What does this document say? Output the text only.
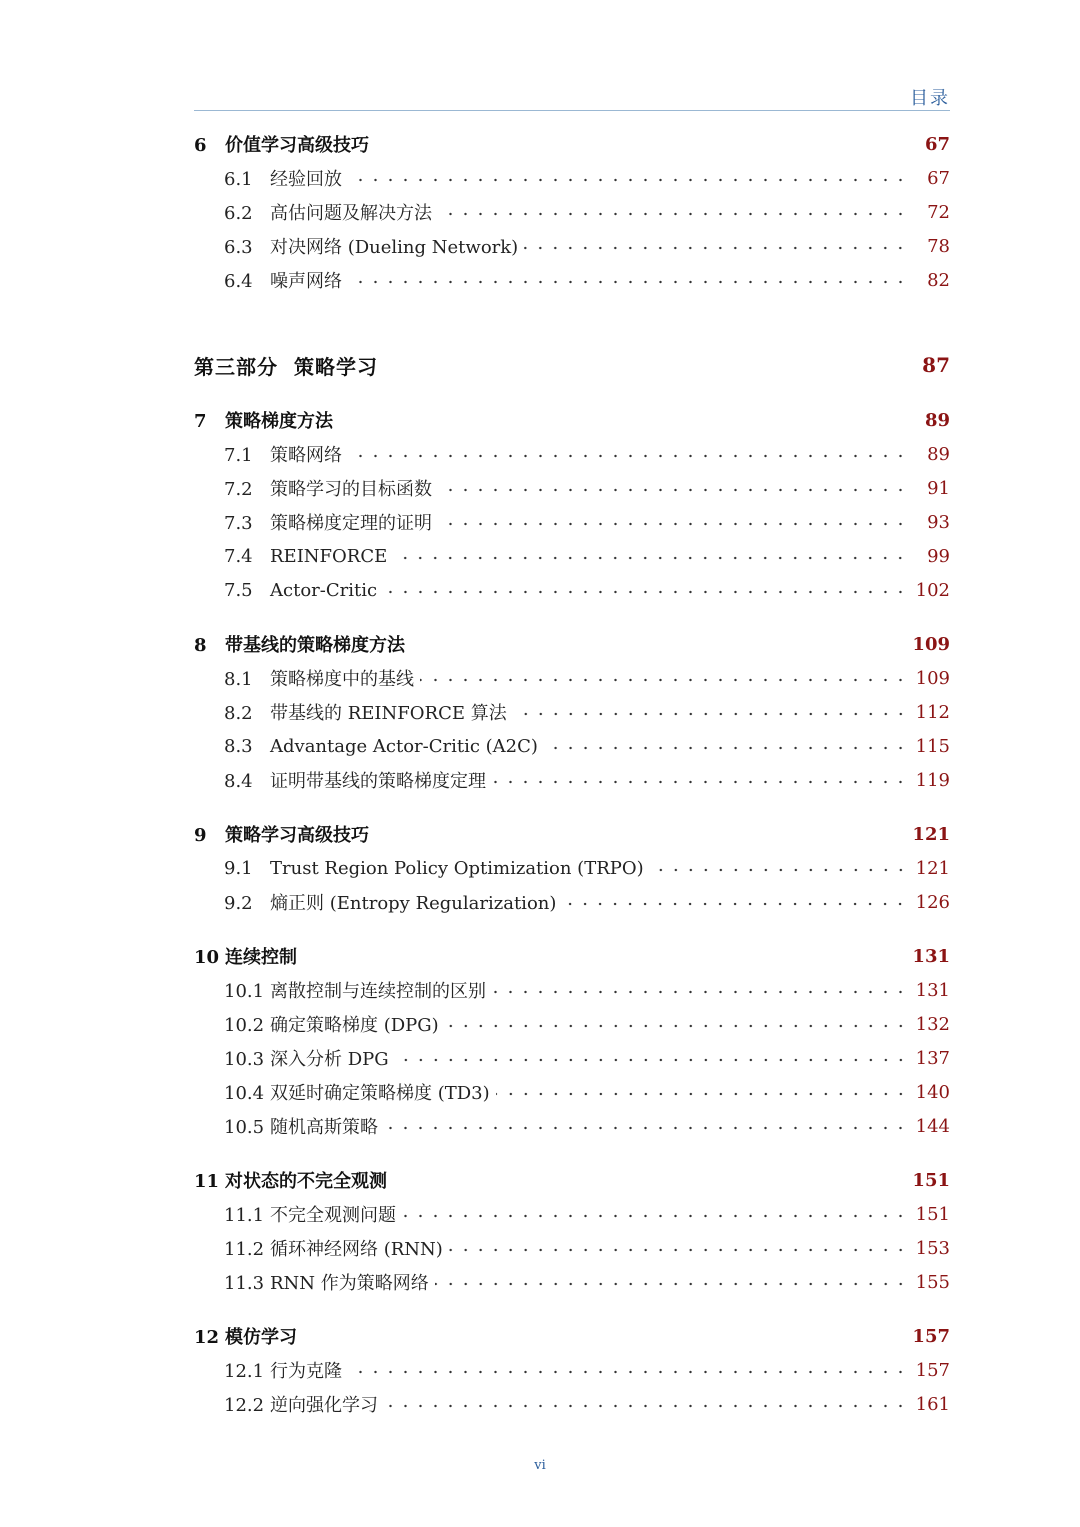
目录
6 价值学习高级技巧	67
6.1 经验回放	67
6.2 高估问题及解决方法	72
6.3 对决网络 (Dueling Network)	78
6.4 噪声网络	82
第三部分 策略学习	87
7 策略梯度方法	89
7.1 策略网络	89
7.2 策略学习的目标函数	91
7.3 策略梯度定理的证明	93
7.4 REINFORCE	99
7.5 Actor-Critic	102
8 带基线的策略梯度方法	109
8.1 策略梯度中的基线	109
8.2 带基线的 REINFORCE 算法	112
8.3 Advantage Actor-Critic (A2C)	115
8.4 证明带基线的策略梯度定理	119
9 策略学习高级技巧	121
9.1 Trust Region Policy Optimization (TRPO)	121
9.2 熵正则 (Entropy Regularization)	126
10 连续控制	131
10.1 离散控制与连续控制的区别	131
10.2 确定策略梯度 (DPG)	132
10.3 深入分析 DPG	137
10.4 双延时确定策略梯度 (TD3)	140
10.5 随机高斯策略	144
11 对状态的不完全观测	151
11.1 不完全观测问题	151
11.2 循环神经网络 (RNN)	153
11.3 RNN 作为策略网络	155
12 模仿学习	157
12.1 行为克隆	157
12.2 逆向强化学习	161
vi
